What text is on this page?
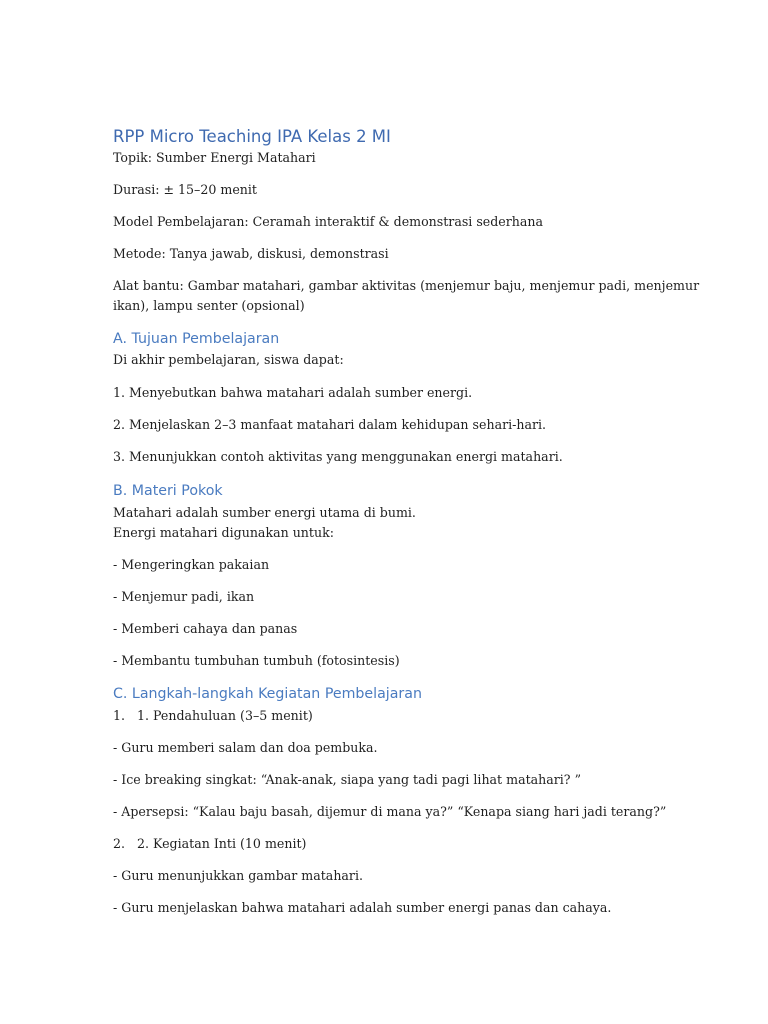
RPP Micro Teaching IPA Kelas 2 MI

Topik: Sumber Energi Matahari

Durasi: ± 15–20 menit

Model Pembelajaran: Ceramah interaktif & demonstrasi sederhana

Metode: Tanya jawab, diskusi, demonstrasi

Alat bantu: Gambar matahari, gambar aktivitas (menjemur baju, menjemur padi, menjemur

ikan), lampu senter (opsional)

A. Tujuan Pembelajaran

Di akhir pembelajaran, siswa dapat:

1. Menyebutkan bahwa matahari adalah sumber energi.

2. Menjelaskan 2–3 manfaat matahari dalam kehidupan sehari-hari.

3. Menunjukkan contoh aktivitas yang menggunakan energi matahari.

B. Materi Pokok

Matahari adalah sumber energi utama di bumi.

Energi matahari digunakan untuk:

- Mengeringkan pakaian

- Menjemur padi, ikan

- Memberi cahaya dan panas

- Membantu tumbuhan tumbuh (fotosintesis)

C. Langkah-langkah Kegiatan Pembelajaran

1. 1. Pendahuluan (3–5 menit)

- Guru memberi salam dan doa pembuka.

- Ice breaking singkat: “Anak-anak, siapa yang tadi pagi lihat matahari? ”

- Apersepsi: “Kalau baju basah, dijemur di mana ya?” “Kenapa siang hari jadi terang?”

2. 2. Kegiatan Inti (10 menit)

- Guru menunjukkan gambar matahari.

- Guru menjelaskan bahwa matahari adalah sumber energi panas dan cahaya.
